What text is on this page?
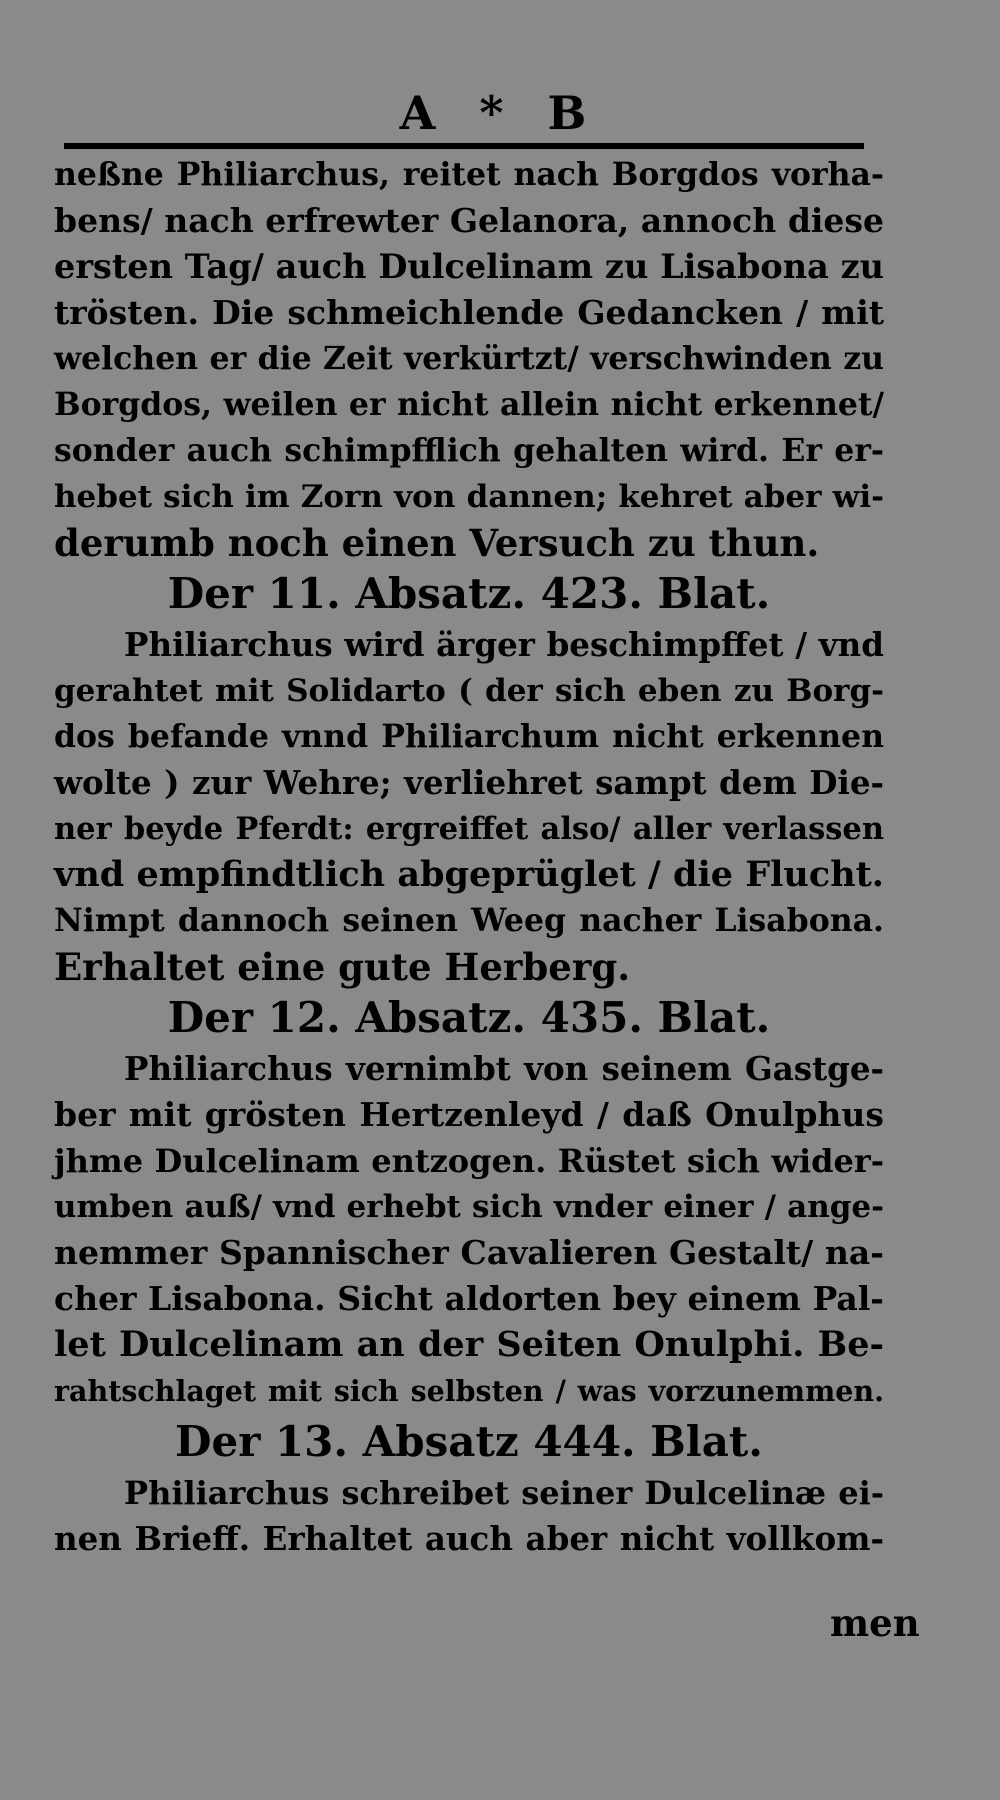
A * B
neßne Philiarchus, reitet nach Borgdos vorha-
bens/ nach erfrewter Gelanora, annoch diese
ersten Tag/ auch Dulcelinam zu Lisabona zu
trösten. Die schmeichlende Gedancken / mit
welchen er die Zeit verkürtzt/ verschwinden zu
Borgdos, weilen er nicht allein nicht erkennet/
sonder auch schimpfflich gehalten wird. Er er-
hebet sich im Zorn von dannen; kehret aber wi-
derumb noch einen Versuch zu thun.
Der 11. Absatz. 423. Blat.
Philiarchus wird ärger beschimpffet / vnd
gerahtet mit Solidarto ( der sich eben zu Borg-
dos befande vnnd Philiarchum nicht erkennen
wolte ) zur Wehre; verliehret sampt dem Die-
ner beyde Pferdt: ergreiffet also/ aller verlassen
vnd empfindtlich abgeprüglet / die Flucht.
Nimpt dannoch seinen Weeg nacher Lisabona.
Erhaltet eine gute Herberg.
Der 12. Absatz. 435. Blat.
Philiarchus vernimbt von seinem Gastge-
ber mit grösten Hertzenleyd / daß Onulphus
jhme Dulcelinam entzogen. Rüstet sich wider-
umben auß/ vnd erhebt sich vnder einer / ange-
nemmer Spannischer Cavalieren Gestalt/ na-
cher Lisabona. Sicht aldorten bey einem Pal-
let Dulcelinam an der Seiten Onulphi. Be-
rahtschlaget mit sich selbsten / was vorzunemmen.
Der 13. Absatz 444. Blat.
Philiarchus schreibet seiner Dulcelinæ ei-
nen Brieff. Erhaltet auch aber nicht vollkom-
men
